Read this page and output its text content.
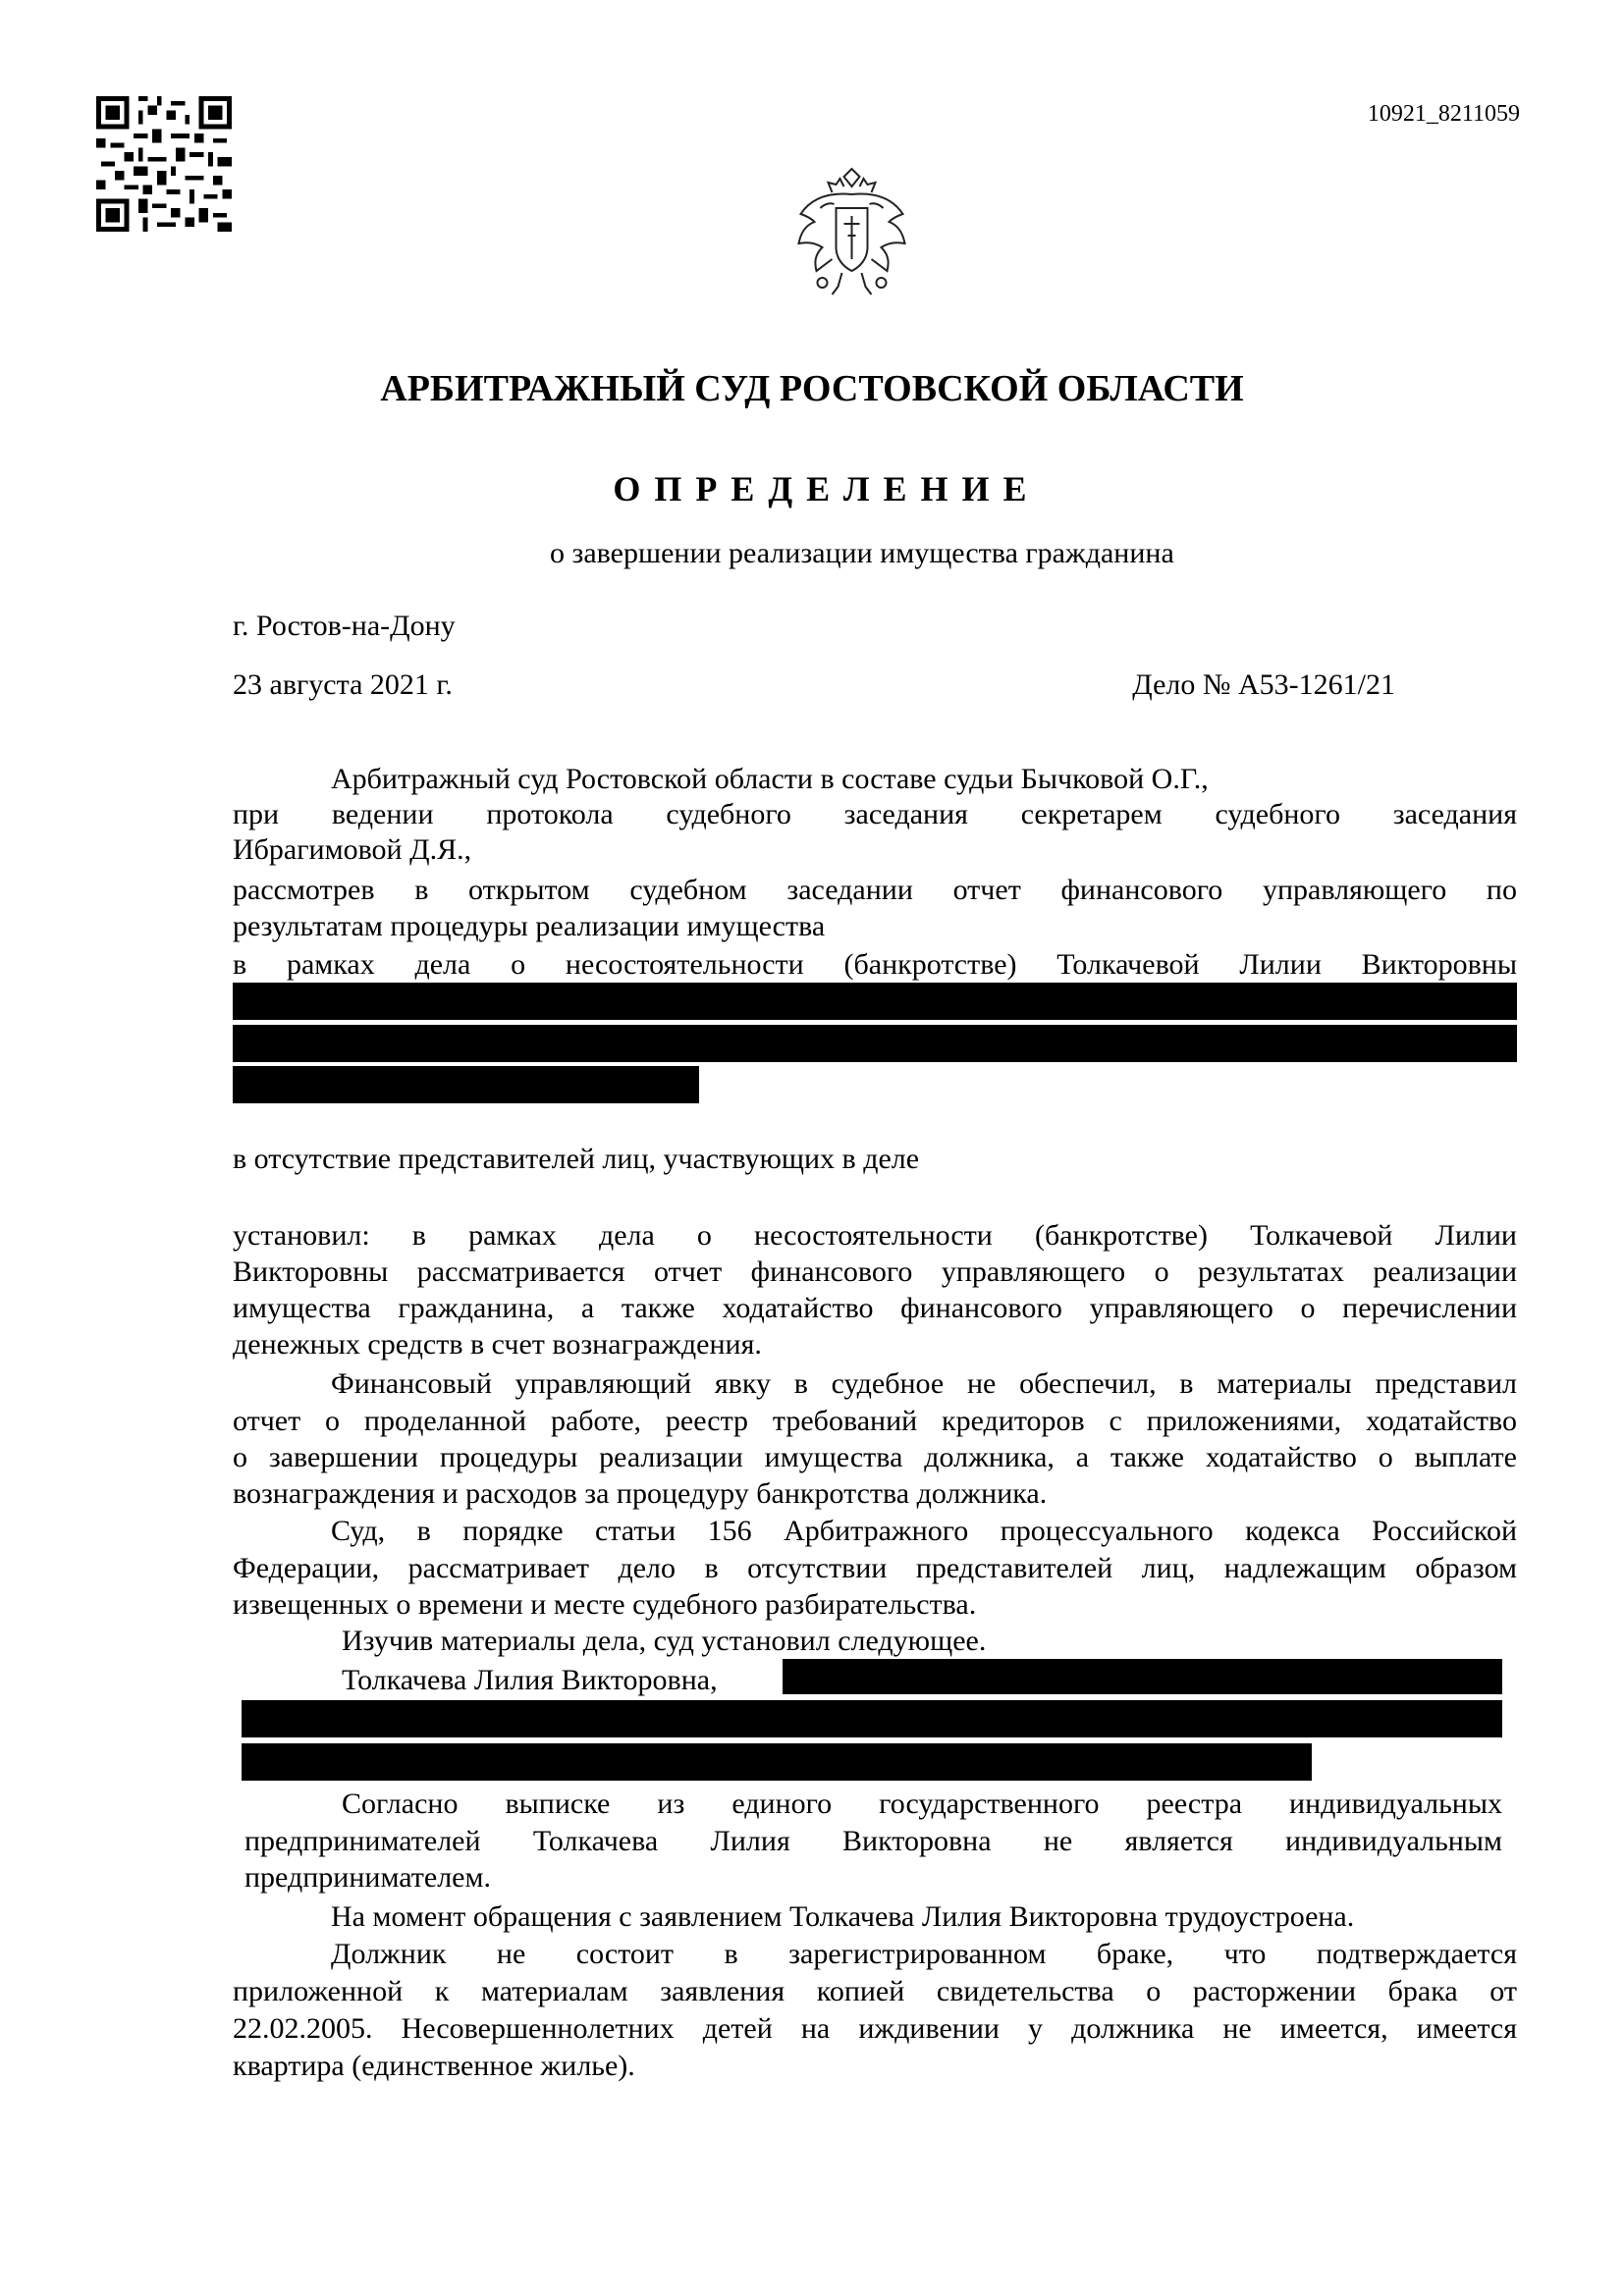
10921_8211059
АРБИТРАЖНЫЙ СУД РОСТОВСКОЙ ОБЛАСТИ
ОПРЕДЕЛЕНИЕ
о завершении реализации имущества гражданина
г. Ростов-на-Дону
23 августа 2021 г.	Дело № А53-1261/21
Арбитражный суд Ростовской области в составе судьи Бычковой О.Г.,
при ведении протокола судебного заседания секретарем судебного заседания
Ибрагимовой Д.Я.,
рассмотрев в открытом судебном заседании отчет финансового управляющего по
результатам процедуры реализации имущества
в рамках дела о несостоятельности (банкротстве) Толкачевой Лилии Викторовны
в отсутствие представителей лиц, участвующих в деле
установил: в рамках дела о несостоятельности (банкротстве) Толкачевой Лилии
Викторовны рассматривается отчет финансового управляющего о результатах реализации
имущества гражданина, а также ходатайство финансового управляющего о перечислении
денежных средств в счет вознаграждения.
Финансовый управляющий явку в судебное не обеспечил, в материалы представил
отчет о проделанной работе, реестр требований кредиторов с приложениями, ходатайство
о завершении процедуры реализации имущества должника, а также ходатайство о выплате
вознаграждения и расходов за процедуру банкротства должника.
Суд, в порядке статьи 156 Арбитражного процессуального кодекса Российской
Федерации, рассматривает дело в отсутствии представителей лиц, надлежащим образом
извещенных о времени и месте судебного разбирательства.
Изучив материалы дела, суд установил следующее.
Толкачева Лилия Викторовна,
Согласно выписке из единого государственного реестра индивидуальных
предпринимателей Толкачева Лилия Викторовна не является индивидуальным
предпринимателем.
На момент обращения с заявлением Толкачева Лилия Викторовна трудоустроена.
Должник не состоит в зарегистрированном браке, что подтверждается
приложенной к материалам заявления копией свидетельства о расторжении брака от
22.02.2005. Несовершеннолетних детей на иждивении у должника не имеется, имеется
квартира (единственное жилье).
